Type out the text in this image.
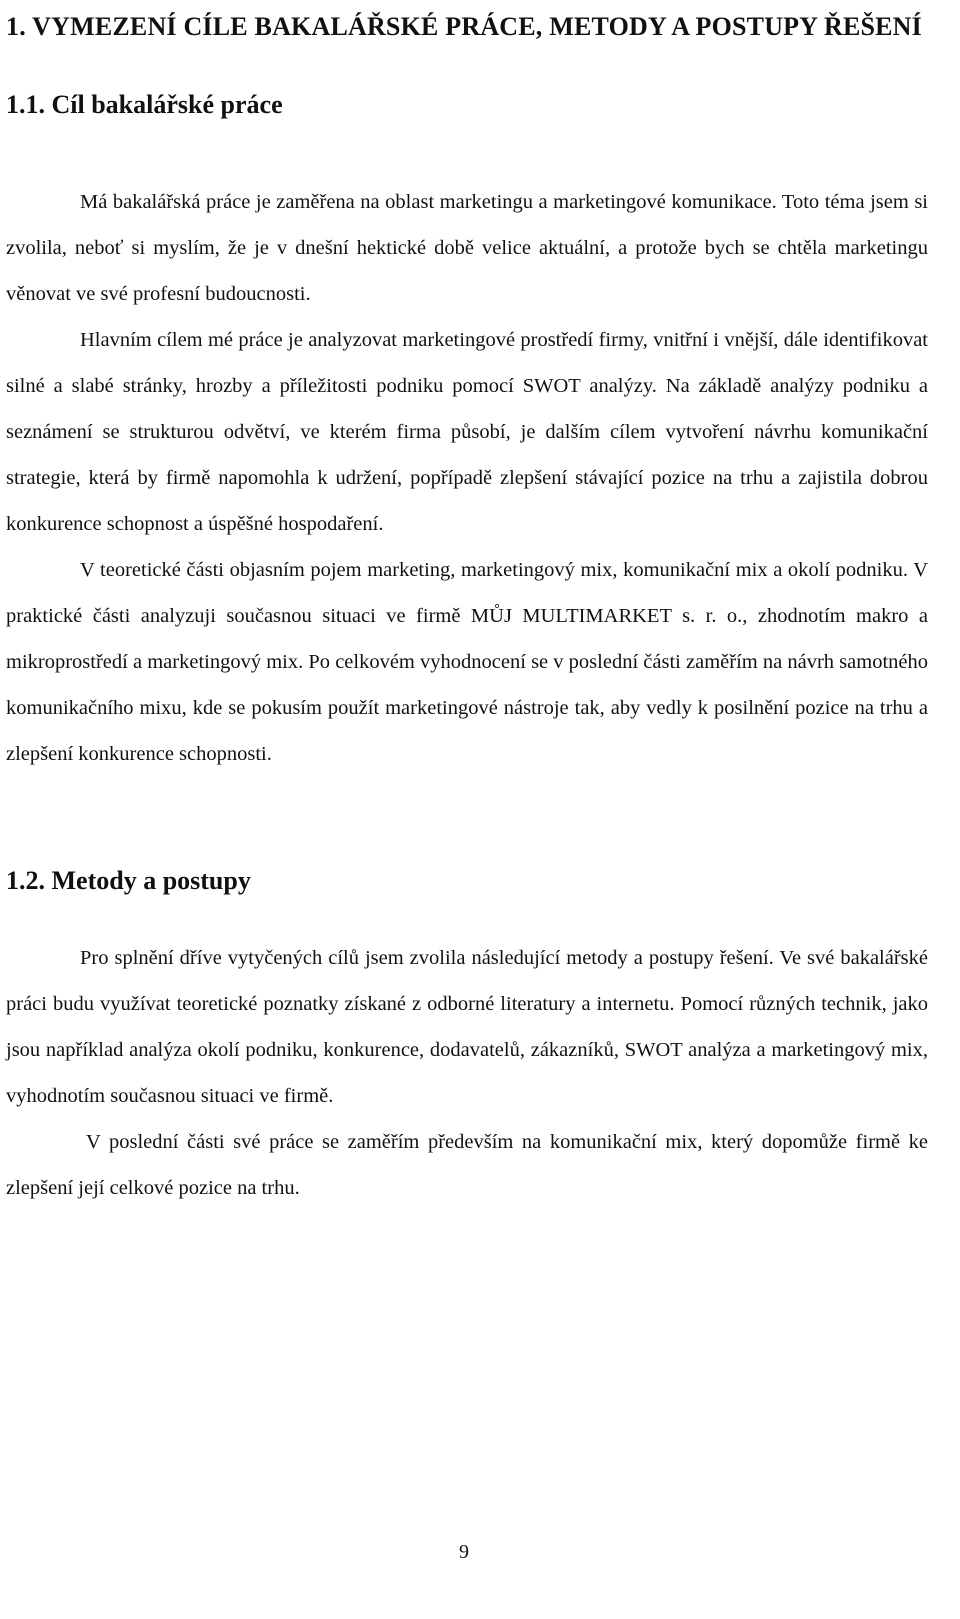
1. VYMEZENÍ CÍLE BAKALÁŘSKÉ PRÁCE, METODY A POSTUPY ŘEŠENÍ
1.1. Cíl bakalářské práce

Má bakalářská práce je zaměřena na oblast marketingu a marketingové komunikace. Toto téma jsem si zvolila, neboť si myslím, že je v dnešní hektické době velice aktuální, a protože bych se chtěla marketingu věnovat ve své profesní budoucnosti.

Hlavním cílem mé práce je analyzovat marketingové prostředí firmy, vnitřní i vnější, dále identifikovat silné a slabé stránky, hrozby a příležitosti podniku pomocí SWOT analýzy. Na základě analýzy podniku a seznámení se strukturou odvětví, ve kterém firma působí, je dalším cílem vytvoření návrhu komunikační strategie, která by firmě napomohla k udržení, popřípadě zlepšení stávající pozice na trhu a zajistila dobrou konkurence schopnost a úspěšné hospodaření.

V teoretické části objasním pojem marketing, marketingový mix, komunikační mix a okolí podniku. V praktické části analyzuji současnou situaci ve firmě MŮJ MULTIMARKET s. r. o., zhodnotím makro a mikroprostředí a marketingový mix. Po celkovém vyhodnocení se v poslední části zaměřím na návrh samotného komunikačního mixu, kde se pokusím použít marketingové nástroje tak, aby vedly k posilnění pozice na trhu a zlepšení konkurence schopnosti.

1.2. Metody a postupy

Pro splnění dříve vytyčených cílů jsem zvolila následující metody a postupy řešení. Ve své bakalářské práci budu využívat teoretické poznatky získané z odborné literatury a internetu. Pomocí různých technik, jako jsou například analýza okolí podniku, konkurence, dodavatelů, zákazníků, SWOT analýza a marketingový mix, vyhodnotím současnou situaci ve firmě.

V poslední části své práce se zaměřím především na komunikační mix, který dopomůže firmě ke zlepšení její celkové pozice na trhu.

9
